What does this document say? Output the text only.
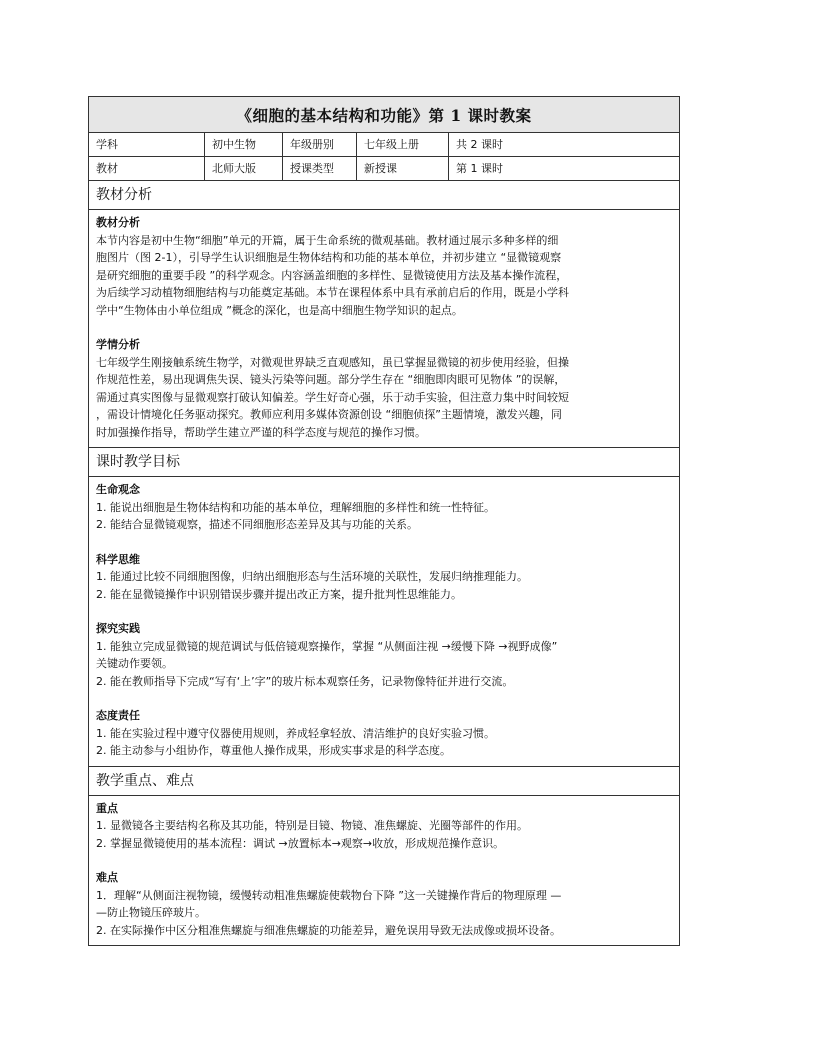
《细胞的基本结构和功能》第 1 课时教案
学科	初中生物	年级册别	七年级上册	共 2 课时
教材	北师大版	授课类型	新授课	第 1 课时
教材分析
教材分析
本节内容是初中生物“细胞”单元的开篇，属于生命系统的微观基础。教材通过展示多种多样的细
胞图片（图 2-1），引导学生认识细胞是生物体结构和功能的基本单位，并初步建立 “显微镜观察
是研究细胞的重要手段 ”的科学观念。内容涵盖细胞的多样性、显微镜使用方法及基本操作流程，
为后续学习动植物细胞结构与功能奠定基础。本节在课程体系中具有承前启后的作用，既是小学科
学中“生物体由小单位组成 ”概念的深化，也是高中细胞生物学知识的起点。
学情分析
七年级学生刚接触系统生物学，对微观世界缺乏直观感知，虽已掌握显微镜的初步使用经验，但操
作规范性差，易出现调焦失误、镜头污染等问题。部分学生存在 “细胞即肉眼可见物体 ”的误解，
需通过真实图像与显微观察打破认知偏差。学生好奇心强，乐于动手实验，但注意力集中时间较短
，需设计情境化任务驱动探究。教师应利用多媒体资源创设 “细胞侦探”主题情境，激发兴趣，同
时加强操作指导，帮助学生建立严谨的科学态度与规范的操作习惯。
课时教学目标
生命观念
1. 能说出细胞是生物体结构和功能的基本单位，理解细胞的多样性和统一性特征。
2. 能结合显微镜观察，描述不同细胞形态差异及其与功能的关系。
科学思维
1. 能通过比较不同细胞图像，归纳出细胞形态与生活环境的关联性，发展归纳推理能力。
2. 能在显微镜操作中识别错误步骤并提出改正方案，提升批判性思维能力。
探究实践
1. 能独立完成显微镜的规范调试与低倍镜观察操作，掌握 “从侧面注视 →缓慢下降 →视野成像”
关键动作要领。
2. 能在教师指导下完成“写有‘上’字”的玻片标本观察任务，记录物像特征并进行交流。
态度责任
1. 能在实验过程中遵守仪器使用规则，养成轻拿轻放、清洁维护的良好实验习惯。
2. 能主动参与小组协作，尊重他人操作成果，形成实事求是的科学态度。
教学重点、难点
重点
1. 显微镜各主要结构名称及其功能，特别是目镜、物镜、准焦螺旋、光圈等部件的作用。
2. 掌握显微镜使用的基本流程：调试 →放置标本→观察→收放，形成规范操作意识。
难点
1．理解“从侧面注视物镜，缓慢转动粗准焦螺旋使载物台下降 ”这一关键操作背后的物理原理 —
—防止物镜压碎玻片。
2. 在实际操作中区分粗准焦螺旋与细准焦螺旋的功能差异，避免误用导致无法成像或损坏设备。
